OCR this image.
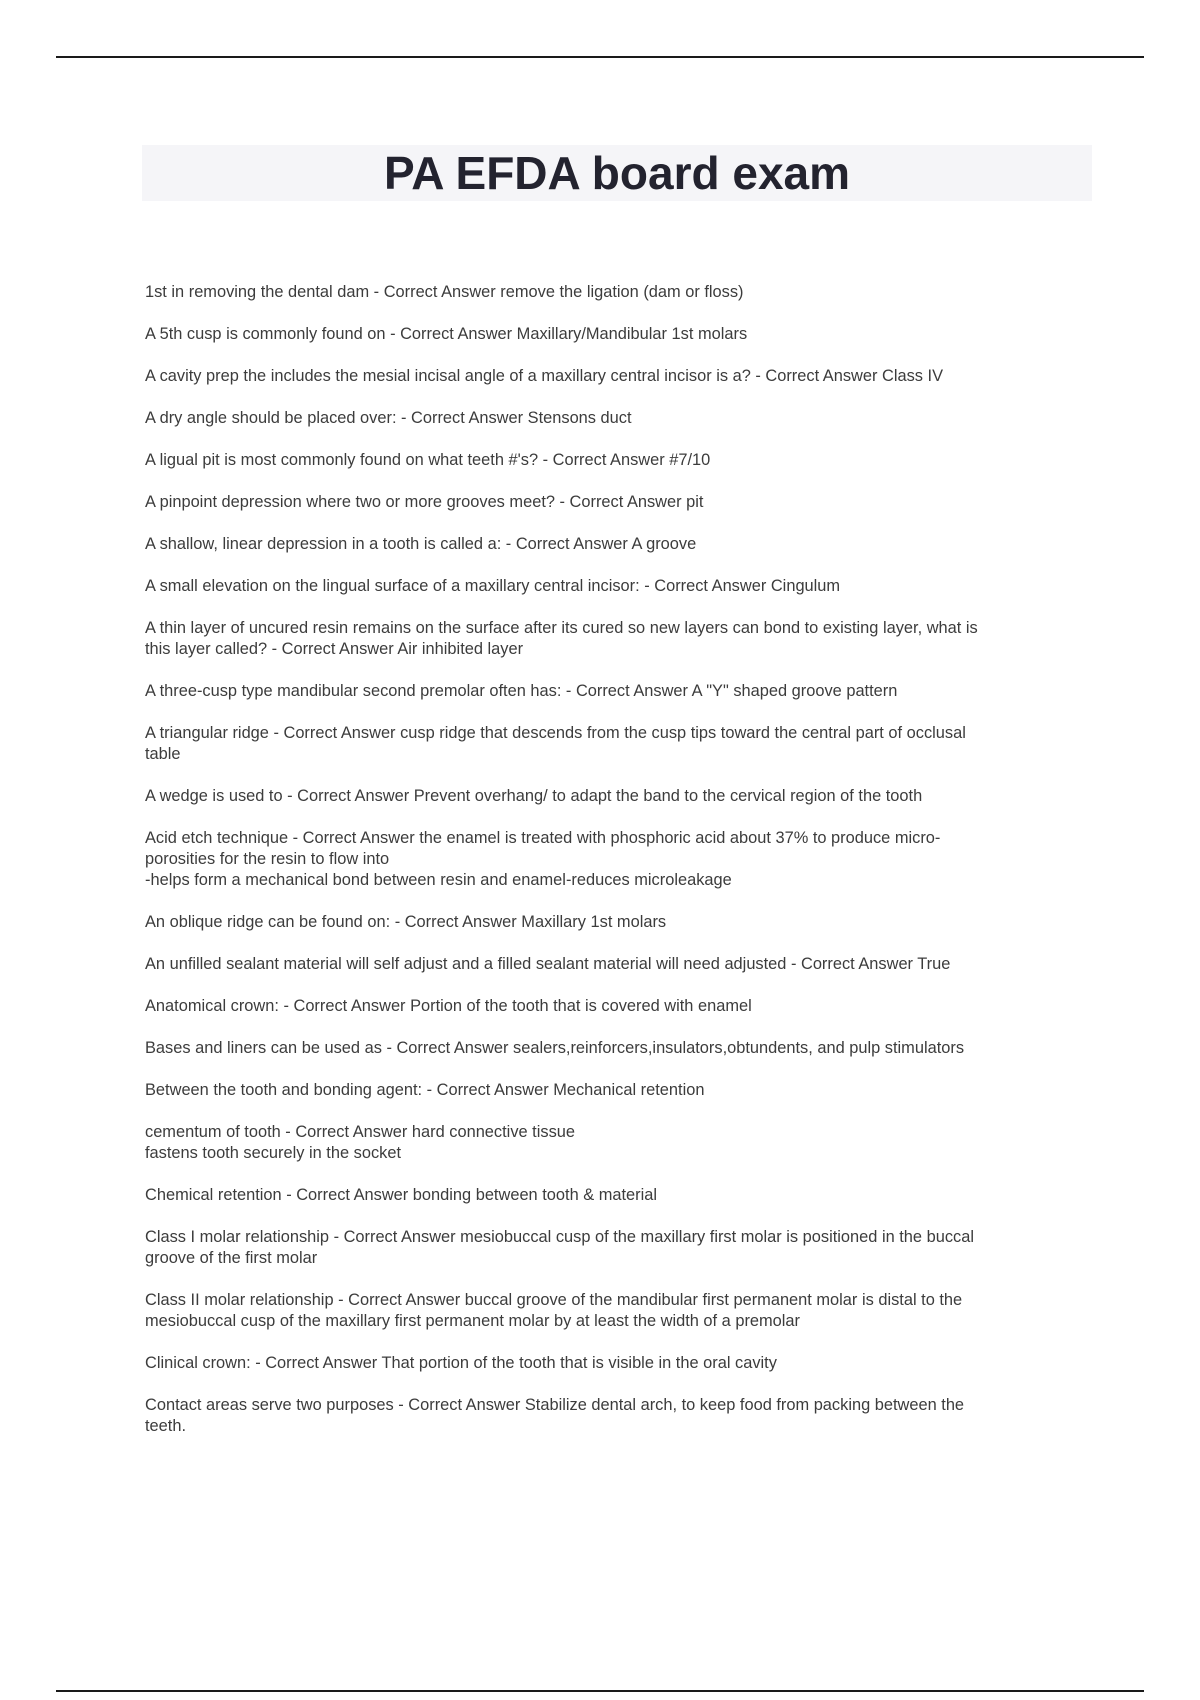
PA EFDA board exam
1st in removing the dental dam - Correct Answer remove the ligation (dam or floss)
A 5th cusp is commonly found on - Correct Answer Maxillary/Mandibular 1st molars
A cavity prep the includes the mesial incisal angle of a maxillary central incisor is a? - Correct Answer Class IV
A dry angle should be placed over: - Correct Answer Stensons duct
A ligual pit is most commonly found on what teeth #'s? - Correct Answer #7/10
A pinpoint depression where two or more grooves meet? - Correct Answer pit
A shallow, linear depression in a tooth is called a: - Correct Answer A groove
A small elevation on the lingual surface of a maxillary central incisor: - Correct Answer Cingulum
A thin layer of uncured resin remains on the surface after its cured so new layers can bond to existing layer, what is
this layer called? - Correct Answer Air inhibited layer
A three-cusp type mandibular second premolar often has: - Correct Answer A "Y" shaped groove pattern
A triangular ridge - Correct Answer cusp ridge that descends from the cusp tips toward the central part of occlusal
table
A wedge is used to - Correct Answer Prevent overhang/ to adapt the band to the cervical region of the tooth
Acid etch technique - Correct Answer the enamel is treated with phosphoric acid about 37% to produce micro-
porosities for the resin to flow into
-helps form a mechanical bond between resin and enamel-reduces microleakage
An oblique ridge can be found on: - Correct Answer Maxillary 1st molars
An unfilled sealant material will self adjust and a filled sealant material will need adjusted - Correct Answer True
Anatomical crown: - Correct Answer Portion of the tooth that is covered with enamel
Bases and liners can be used as - Correct Answer sealers,reinforcers,insulators,obtundents, and pulp stimulators
Between the tooth and bonding agent: - Correct Answer Mechanical retention
cementum of tooth - Correct Answer hard connective tissue
fastens tooth securely in the socket
Chemical retention - Correct Answer bonding between tooth & material
Class I molar relationship - Correct Answer mesiobuccal cusp of the maxillary first molar is positioned in the buccal
groove of the first molar
Class II molar relationship - Correct Answer buccal groove of the mandibular first permanent molar is distal to the
mesiobuccal cusp of the maxillary first permanent molar by at least the width of a premolar
Clinical crown: - Correct Answer That portion of the tooth that is visible in the oral cavity
Contact areas serve two purposes - Correct Answer Stabilize dental arch, to keep food from packing between the
teeth.
